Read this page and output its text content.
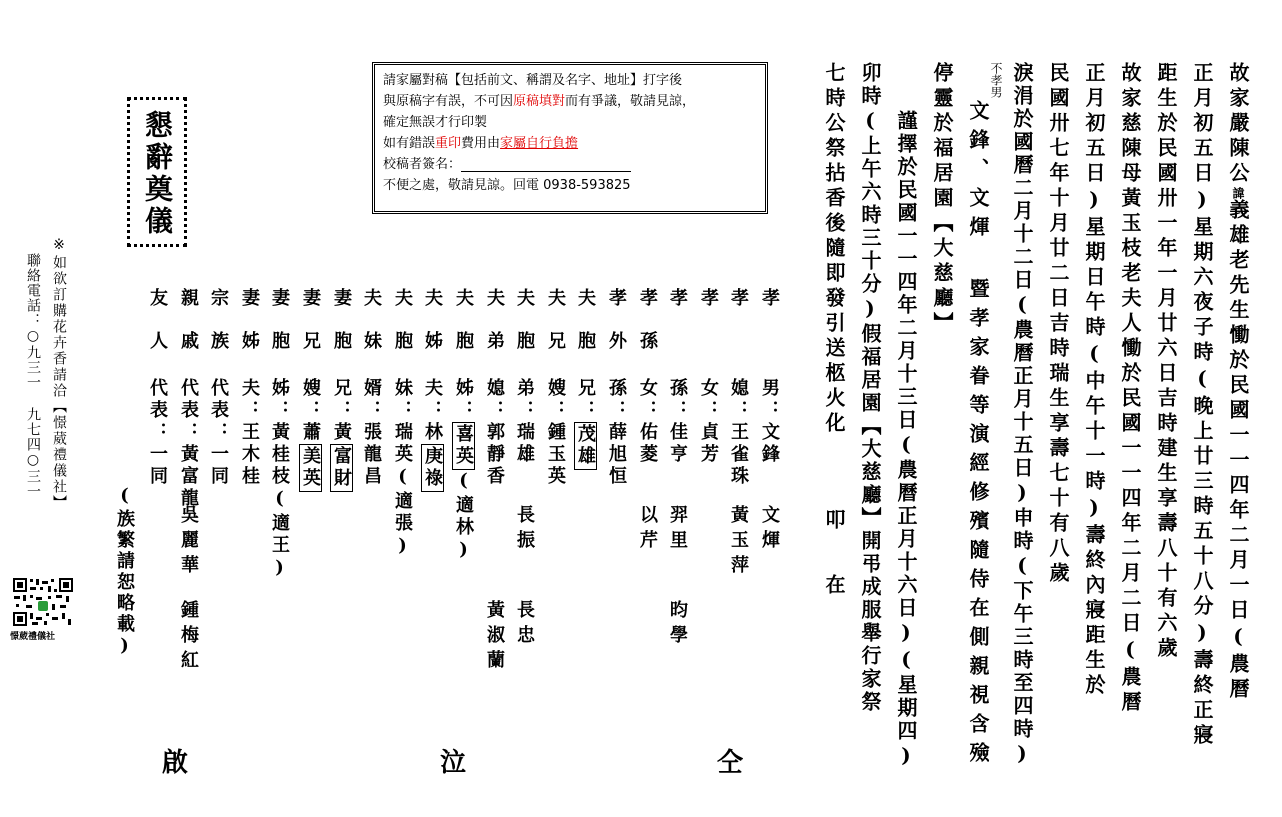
故家嚴陳公諱義雄老先生慟於民國一一四年二月一日(農曆
正月初五日)星期六夜子時(晚上廿三時五十八分)壽終正寢
距生於民國卅一年一月廿六日吉時建生享壽八十有六歲
故家慈陳母黃玉枝老夫人慟於民國一一四年二月二日(農曆
正月初五日)星期日午時(中午十一時)壽終內寢距生於
民國卅七年十月廿二日吉時瑞生享壽七十有八歲
淚涓於國曆二月十二日(農曆正月十五日)申時(下午三時至四時)
不孝男
文鋒、文煇 暨孝家眷等演經修殯隨侍在側親視含殮
停靈於福居園【大慈廳】
謹擇於民國一一四年二月十三日(農曆正月十六日)(星期四)
卯時(上午六時三十分)假福居園【大慈廳】開弔成服舉行家祭
七時公祭拈香後隨即發引送柩火化叩在
請家屬對稿【包括前文、稱謂及名字、地址】打字後
與原稿字有誤，不可因原稿填對而有爭議，敬請見諒，
確定無誤才行印製
如有錯誤重印費用由家屬自行負擔
校稿者簽名：
不便之處，敬請見諒。回電 0938-593825
懇辭奠儀
孝
男：文鋒
文煇
孝
媳：王雀珠
黃玉萍
孝
女：貞芳
孝
孫：佳亨
羿里
昀學
孝孫
女：佑菱
以芹
孝外
孫：薛旭恒
夫胞
兄：茂雄
夫兄
嫂：鍾玉英
夫胞
弟：瑞雄
長振
長忠
夫弟
媳：郭靜香
黃淑蘭
夫胞
姊：喜英(適林)
夫姊
夫：林庚祿
夫胞
妹：瑞英(適張)
夫妹
婿：張龍昌
妻胞
兄：黃富財
妻兄
嫂：蕭美英
妻胞
姊：黃桂枝(適王)
妻姊
夫：王木桂
宗族
代表：一同
親戚
代表：黃富龍
吳麗華
鍾梅紅
友人
代表：一同
(族繁請恕略載)
※如欲訂購花卉香請洽【憬葳禮儀社】
聯絡電話：○九三一 九七四○三一
憬葳禮儀社
仝
泣
啟
